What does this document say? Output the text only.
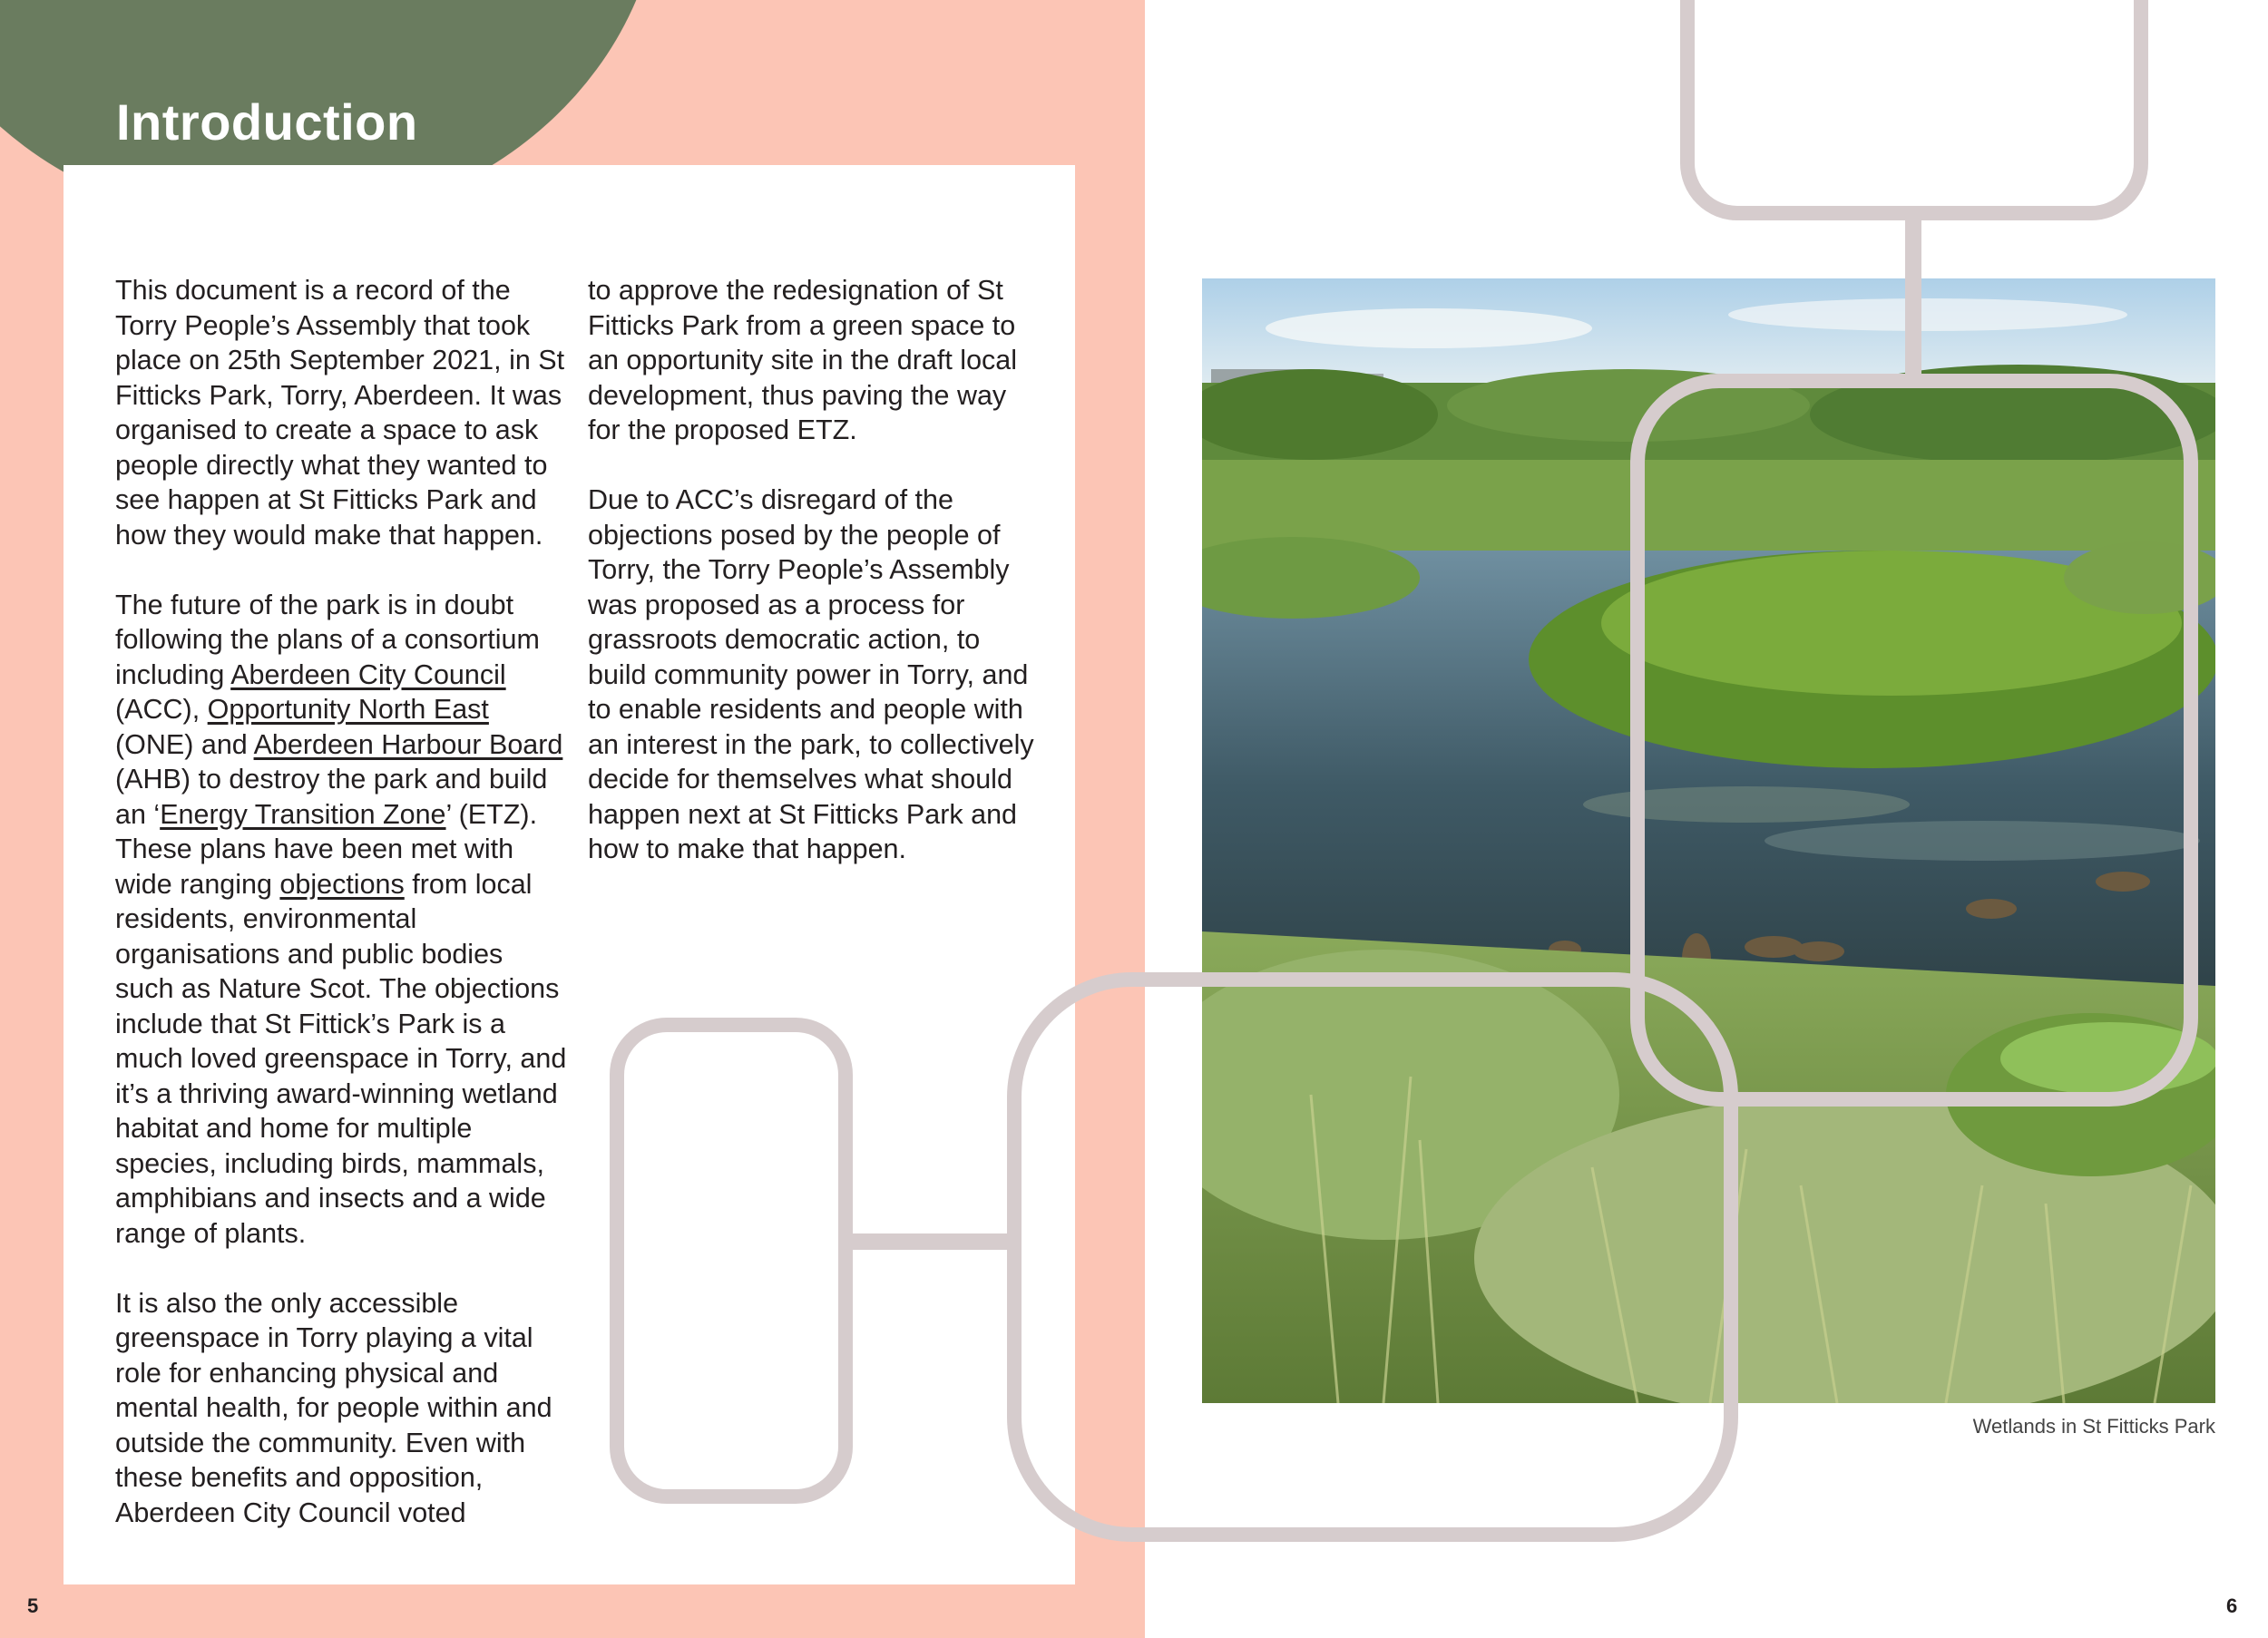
Introduction

This document is a record of the Torry People’s Assembly that took place on 25th September 2021, in St Fitticks Park, Torry, Aberdeen. It was organised to create a space to ask people directly what they wanted to see happen at St Fitticks Park and how they would make that happen.

The future of the park is in doubt following the plans of a consortium including Aberdeen City Council (ACC), Opportunity North East (ONE) and Aberdeen Harbour Board (AHB) to destroy the park and build an ‘Energy Transition Zone’ (ETZ). These plans have been met with wide ranging objections from local residents, environmental organisations and public bodies such as Nature Scot. The objections include that St Fittick’s Park is a much loved greenspace in Torry, and it’s a thriving award-winning wetland habitat and home for multiple species, including birds, mammals, amphibians and insects and a wide range of plants.

It is also the only accessible greenspace in Torry playing a vital role for enhancing physical and mental health, for people within and outside the community. Even with these benefits and opposition, Aberdeen City Council voted

to approve the redesignation of St Fitticks Park from a green space to an opportunity site in the draft local development, thus paving the way for the proposed ETZ.

Due to ACC’s disregard of the objections posed by the people of Torry, the Torry People’s Assembly was proposed as a process for grassroots democratic action, to build community power in Torry, and to enable residents and people with an interest in the park, to collectively decide for themselves what should happen next at St Fitticks Park and how to make that happen.

Wetlands in St Fitticks Park
5	6
